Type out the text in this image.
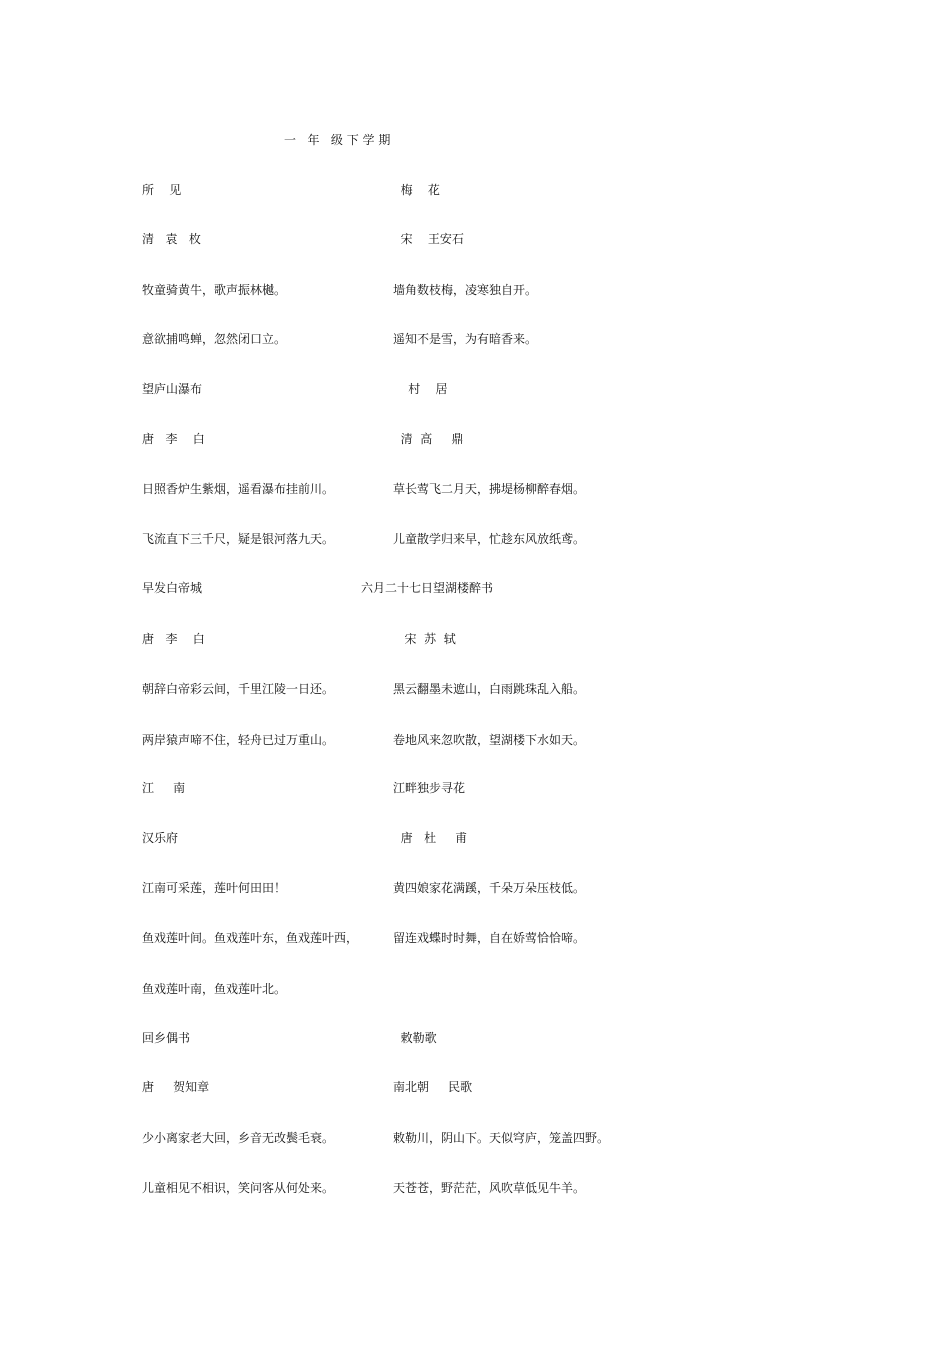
一   年   级 下 学 期
所    见	梅    花
清   袁   枚	宋    王安石
牧童骑黄牛，歌声振林樾。	墙角数枝梅，凌寒独自开。
意欲捕鸣蝉，忽然闭口立。	遥知不是雪，为有暗香来。
望庐山瀑布	村    居
唐   李    白	清  高     鼎
日照香炉生紫烟，遥看瀑布挂前川。	草长莺飞二月天，拂堤杨柳醉春烟。
飞流直下三千尺，疑是银河落九天。	儿童散学归来早，忙趁东风放纸鸢。
早发白帝城	六月二十七日望湖楼醉书
唐   李    白	宋  苏  轼
朝辞白帝彩云间，千里江陵一日还。	黑云翻墨未遮山，白雨跳珠乱入船。
两岸猿声啼不住，轻舟已过万重山。	卷地风来忽吹散，望湖楼下水如天。
江     南	江畔独步寻花
汉乐府	唐   杜     甫
江南可采莲，莲叶何田田！	黄四娘家花满蹊，千朵万朵压枝低。
鱼戏莲叶间。鱼戏莲叶东，鱼戏莲叶西，	留连戏蝶时时舞，自在娇莺恰恰啼。
鱼戏莲叶南，鱼戏莲叶北。
回乡偶书	敕勒歌
唐     贺知章	南北朝     民歌
少小离家老大回，乡音无改鬓毛衰。	敕勒川，阴山下。天似穹庐，笼盖四野。
儿童相见不相识，笑问客从何处来。	天苍苍，野茫茫，风吹草低见牛羊。
